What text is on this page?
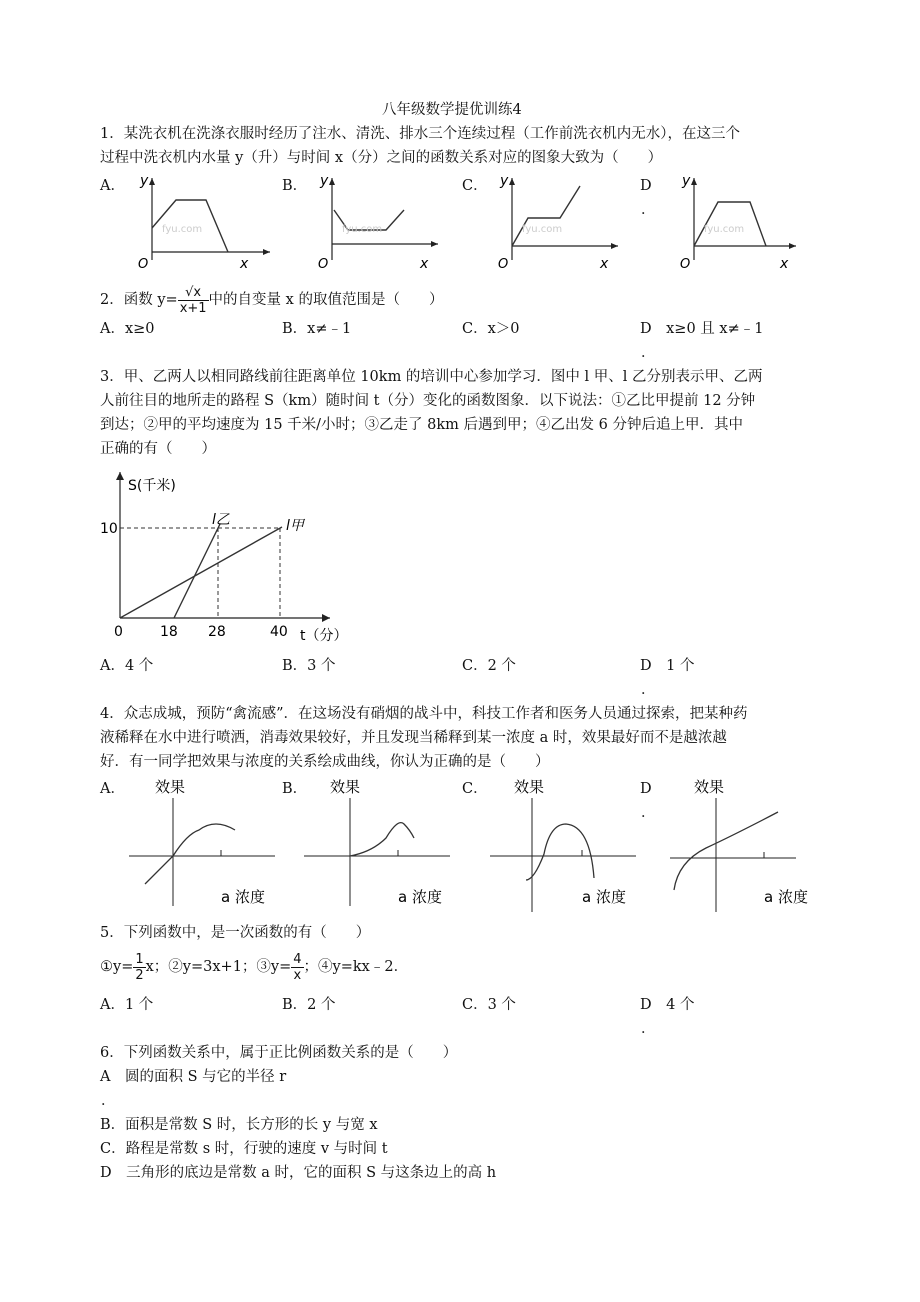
八年级数学提优训练4
1．某洗衣机在洗涤衣服时经历了注水、清洗、排水三个连续过程（工作前洗衣机内无水），在这三个
过程中洗衣机内水量 y（升）与时间 x（分）之间的函数关系对应的图象大致为（　　）
A．	B．	C．	D
．
y
x
O
fyu.com
y
x
O
fyu.com
y
x
O
fyu.com
y
x
O
fyu.com
2．函数 $y= \frac{√x}{x+1}$ 中的自变量 x 的取值范围是（　　）
A．x≥0	B．x≠﹣1	C．x＞0	D　x≥0 且 x≠﹣1
．
3．甲、乙两人以相同路线前往距离单位 10km 的培训中心参加学习．图中 l 甲、l 乙分别表示甲、乙两
人前往目的地所走的路程 S（km）随时间 t（分）变化的函数图象．以下说法：①乙比甲提前 12 分钟
到达；②甲的平均速度为 15 千米/小时；③乙走了 8km 后遇到甲；④乙出发 6 分钟后追上甲．其中
正确的有（　　）
S(千米)
t（分）
10
0	18 28	40
l乙	l甲
A．4 个	B．3 个	C．2 个	D　1 个
．
4．众志成城，预防“禽流感”．在这场没有硝烟的战斗中，科技工作者和医务人员通过探索，把某种药
液稀释在水中进行喷洒，消毒效果较好，并且发现当稀释到某一浓度 a 时，效果最好而不是越浓越
好．有一同学把效果与浓度的关系绘成曲线，你认为正确的是（　　）
A．	B．	C．	D
．
效果
a 浓度
效果
a 浓度
效果
a 浓度
效果
a 浓度
5．下列函数中，是一次函数的有（　　）
①y= $\frac{1}{2}$ x；②y=3x+1；③y= $\frac{4}{x}$ ；④y=kx﹣2．
A．1 个	B．2 个	C．3 个	D　4 个
．
6．下列函数关系中，属于正比例函数关系的是（　　）
A　圆的面积 S 与它的半径 r
．
B．面积是常数 S 时，长方形的长 y 与宽 x
C．路程是常数 s 时，行驶的速度 v 与时间 t
D　三角形的底边是常数 a 时，它的面积 S 与这条边上的高 h
